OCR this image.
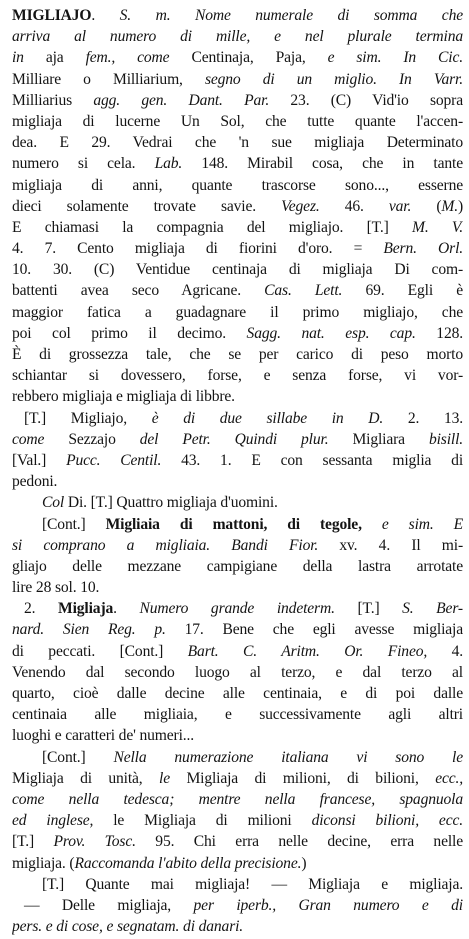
MIGLIAJO. S. m. Nome numerale di somma che
arriva al numero di mille, e nel plurale termina
in aja fem., come Centinaja, Paja, e sim. In Cic.
Milliare o Milliarium, segno di un miglio. In Varr.
Milliarius agg. gen. Dant. Par. 23. (C) Vid'io sopra
migliaja di lucerne Un Sol, che tutte quante l'accen-
dea. E 29. Vedrai che 'n sue migliaja Determinato
numero si cela. Lab. 148. Mirabil cosa, che in tante
migliaja di anni, quante trascorse sono..., esserne
dieci solamente trovate savie. Vegez. 46. var. (M.)
E chiamasi la compagnia del migliajo. [T.] M. V.
4. 7. Cento migliaja di fiorini d'oro. = Bern. Orl.
10. 30. (C) Ventidue centinaja di migliaja Di com-
battenti avea seco Agricane. Cas. Lett. 69. Egli è
maggior fatica a guadagnare il primo migliajo, che
poi col primo il decimo. Sagg. nat. esp. cap. 128.
È di grossezza tale, che se per carico di peso morto
schiantar si dovessero, forse, e senza forse, vi vor-
rebbero migliaja e migliaja di libbre.
[T.] Migliajo, è di due sillabe in D. 2. 13.
come Sezzajo del Petr. Quindi plur. Migliara bisill.
[Val.] Pucc. Centil. 43. 1. E con sessanta miglia di
pedoni.
Col Di. [T.] Quattro migliaja d'uomini.
[Cont.] Migliaia di mattoni, di tegole, e sim. E
si comprano a migliaia. Bandi Fior. xv. 4. Il mi-
gliajo delle mezzane campigiane della lastra arrotate
lire 28 sol. 10.
2. Migliaja. Numero grande indeterm. [T.] S. Ber-
nard. Sien Reg. p. 17. Bene che egli avesse migliaja
di peccati. [Cont.] Bart. C. Aritm. Or. Fineo, 4.
Venendo dal secondo luogo al terzo, e dal terzo al
quarto, cioè dalle decine alle centinaia, e di poi dalle
centinaia alle migliaia, e successivamente agli altri
luoghi e caratteri de' numeri...
[Cont.] Nella numerazione italiana vi sono le
Migliaja di unità, le Migliaja di milioni, di bilioni, ecc.,
come nella tedesca; mentre nella francese, spagnuola
ed inglese, le Migliaja di milioni diconsi bilioni, ecc.
[T.] Prov. Tosc. 95. Chi erra nelle decine, erra nelle
migliaja. (Raccomanda l'abito della precisione.)
[T.] Quante mai migliaja! — Migliaja e migliaja.
— Delle migliaja, per iperb., Gran numero e di
pers. e di cose, e segnatam. di danari.
